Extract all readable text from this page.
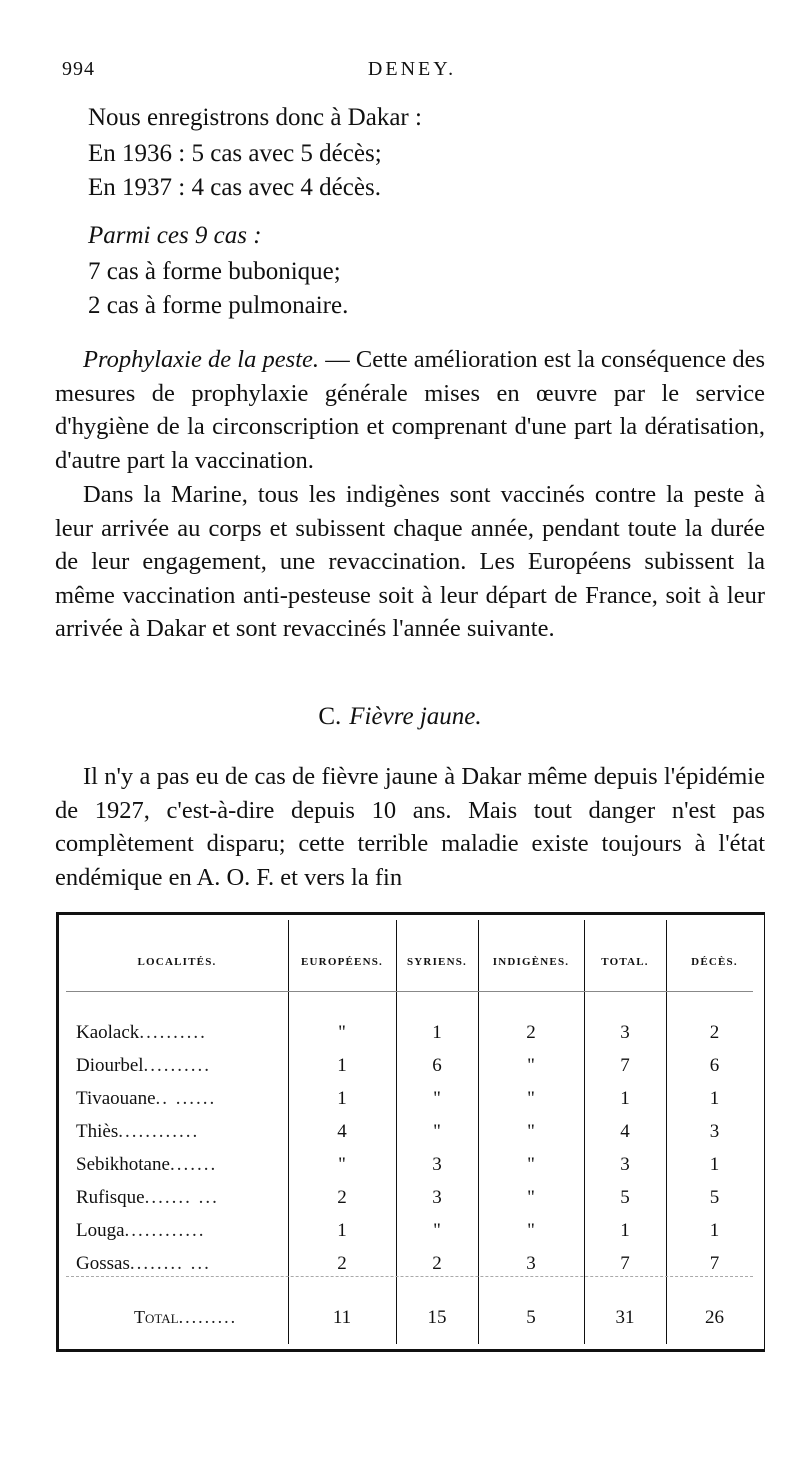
994	DENEY.
Nous enregistrons donc à Dakar :
En 1936 : 5 cas avec 5 décès;
En 1937 : 4 cas avec 4 décès.
Parmi ces 9 cas :
7 cas à forme bubonique;
2 cas à forme pulmonaire.
Prophylaxie de la peste. — Cette amélioration est la conséquence des mesures de prophylaxie générale mises en œuvre par le service d'hygiène de la circonscription et comprenant d'une part la dératisation, d'autre part la vaccination.
Dans la Marine, tous les indigènes sont vaccinés contre la peste à leur arrivée au corps et subissent chaque année, pendant toute la durée de leur engagement, une revaccination. Les Européens subissent la même vaccination anti-pesteuse soit à leur départ de France, soit à leur arrivée à Dakar et sont revaccinés l'année suivante.
C. Fièvre jaune.
Il n'y a pas eu de cas de fièvre jaune à Dakar même depuis l'épidémie de 1927, c'est-à-dire depuis 10 ans. Mais tout danger n'est pas complètement disparu; cette terrible maladie existe toujours à l'état endémique en A. O. F. et vers la fin
LOCALITÉS.	EUROPÉENS.	SYRIENS.	INDIGÈNES.	TOTAL.	DÉCÈS.
Kaolack..........	"	1	2	3	2
Diourbel..........	1	6	"	7	6
Tivaouane.. ......	1	"	"	1	1
Thiès............	4	"	"	4	3
Sebikhotane.......	"	3	"	3	1
Rufisque....... ...	2	3	"	5	5
Louga............	1	"	"	1	1
Gossas........ ...	2	2	3	7	7
Total.........	11	15	5	31	26
